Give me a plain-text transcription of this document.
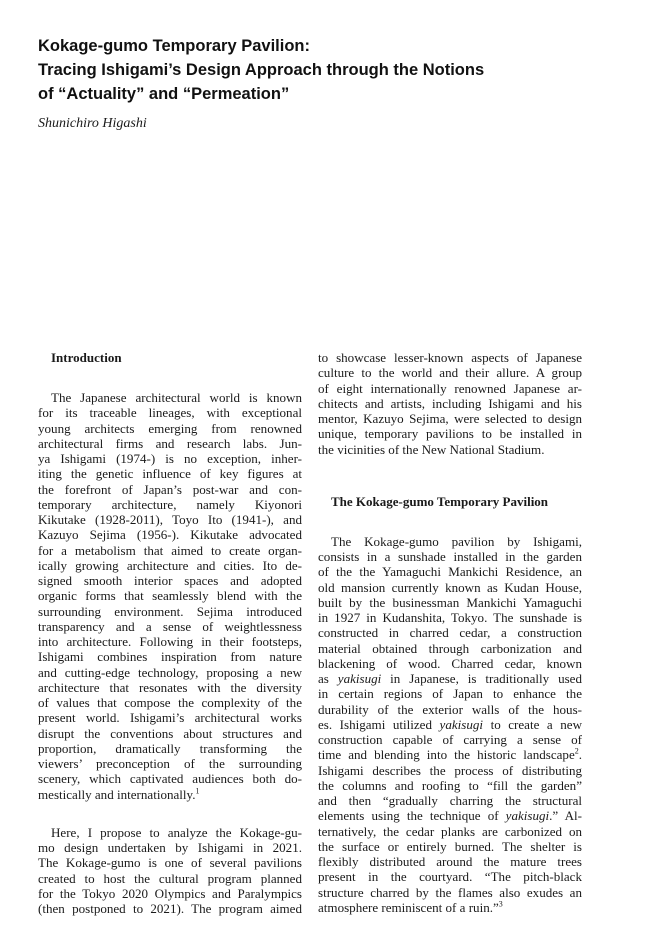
Kokage-gumo Temporary Pavilion:
Tracing Ishigami’s Design Approach through the Notions
of “Actuality” and “Permeation”

Shunichiro Higashi

Introduction

The Japanese architectural world is known
for its traceable lineages, with exceptional
young architects emerging from renowned
architectural firms and research labs. Jun-
ya Ishigami (1974-) is no exception, inher-
iting the genetic influence of key figures at
the forefront of Japan’s post-war and con-
temporary architecture, namely Kiyonori
Kikutake (1928-2011), Toyo Ito (1941-), and
Kazuyo Sejima (1956-). Kikutake advocated
for a metabolism that aimed to create organ-
ically growing architecture and cities. Ito de-
signed smooth interior spaces and adopted
organic forms that seamlessly blend with the
surrounding environment. Sejima introduced
transparency and a sense of weightlessness
into architecture. Following in their footsteps,
Ishigami combines inspiration from nature
and cutting-edge technology, proposing a new
architecture that resonates with the diversity
of values that compose the complexity of the
present world. Ishigami’s architectural works
disrupt the conventions about structures and
proportion, dramatically transforming the
viewers’ preconception of the surrounding
scenery, which captivated audiences both do-
mestically and internationally.$^1$

Here, I propose to analyze the Kokage-gu-
mo design undertaken by Ishigami in 2021.
The Kokage-gumo is one of several pavilions
created to host the cultural program planned
for the Tokyo 2020 Olympics and Paralympics
(then postponed to 2021). The program aimed

to showcase lesser-known aspects of Japanese
culture to the world and their allure. A group
of eight internationally renowned Japanese ar-
chitects and artists, including Ishigami and his
mentor, Kazuyo Sejima, were selected to design
unique, temporary pavilions to be installed in
the vicinities of the New National Stadium.

The Kokage-gumo Temporary Pavilion

The Kokage-gumo pavilion by Ishigami,
consists in a sunshade installed in the garden
of the the Yamaguchi Mankichi Residence, an
old mansion currently known as Kudan House,
built by the businessman Mankichi Yamaguchi
in 1927 in Kudanshita, Tokyo. The sunshade is
constructed in charred cedar, a construction
material obtained through carbonization and
blackening of wood. Charred cedar, known
as yakisugi in Japanese, is traditionally used
in certain regions of Japan to enhance the
durability of the exterior walls of the hous-
es. Ishigami utilized yakisugi to create a new
construction capable of carrying a sense of
time and blending into the historic landscape$^2$.
Ishigami describes the process of distributing
the columns and roofing to “fill the garden”
and then “gradually charring the structural
elements using the technique of yakisugi.” Al-
ternatively, the cedar planks are carbonized on
the surface or entirely burned. The shelter is
flexibly distributed around the mature trees
present in the courtyard. “The pitch-black
structure charred by the flames also exudes an
atmosphere reminiscent of a ruin.”$^3$
